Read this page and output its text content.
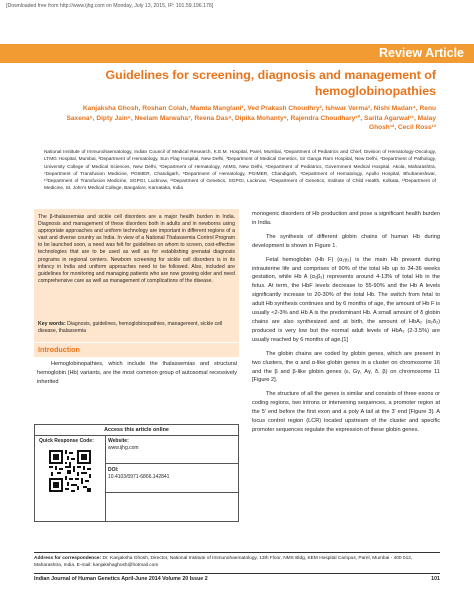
[Downloaded free from http://www.ijhg.com on Monday, July 13, 2015, IP: 101.59.196.176]
Review Article
Guidelines for screening, diagnosis and management of hemoglobinopathies
Kanjaksha Ghosh, Roshan Colah, Mamta Manglani¹, Ved Prakash Choudhry², Ishwar Verma³, Nishi Madan⁴, Renu Saxena⁵, Dipty Jain⁶, Neelam Marwaha⁷, Reena Das⁸, Dipika Mohanty⁹, Rajendra Choudhary¹⁰, Sarita Agarwal¹¹, Malay Ghosh¹², Cecil Ross¹³
National Institute of Immunohaematology, Indian Council of Medical Research, K.E.M. Hospital, Parel, Mumbai, ¹Department of Pediatrics and Chief, Division of Hematology-Oncology, LTMG Hospital, Mumbai, ²Department of Hematology, Sun Flag Hospital, New Delhi, ³Department of Medical Genetics, Sir Ganga Ram Hospital, New Delhi, ⁴Department of Pathology, University College of Medical Sciences, New Delhi, ⁵Department of Hematology, AIIMS, New Delhi, ⁶Department of Pediatrics, Government Medical Hospital, Akola, Maharashtra, ⁷Department of Transfusion Medicine, PGIMER, Chandigarh, ⁸Department of Hematology, PGIMER, Chandigarh, ⁹Department of Hematology, Apollo Hospital, Bhubaneshwar, ¹⁰Department of Transfusion Medicine, SGPGI, Lucknow, ¹¹Department of Genetics, SGPGI, Lucknow, ¹²Department of Genetics, Institute of Child Health, Kolkata, ¹³Department of Medicine, St. John's Medical College, Bangalore, Karnataka, India
The β-thalassemias and sickle cell disorders are a major health burden in India. Diagnosis and management of these disorders both in adults and in newborns using appropriate approaches and uniform technology are important in different regions of a vast and diverse country as India. In view of a National Thalassemia Control Program to be launched soon, a need was felt for guidelines on whom to screen, cost-effective technologies that are to be used as well as for establishing prenatal diagnosis programs in regional centers. Newborn screening for sickle cell disorders is in its infancy in India and uniform approaches need to be followed. Also, included are guidelines for monitoring and managing patients who are now growing older and need comprehensive care as well as management of complications of the disease.
Key words: Diagnosis, guidelines, hemoglobinopathies, management, sickle cell disease, thalassemia
Introduction
Hemoglobinopathies, which include the thalassemias and structural hemoglobin (Hb) variants, are the most common group of autosomal recessively inherited
Access this article online
Quick Response Code:	Website:
www.ijhg.com
DOI:
10.4103/0971-6866.142841

monogenic disorders of Hb production and pose a significant health burden in India.

The synthesis of different globin chains of human Hb during development is shown in Figure 1.

Fetal hemoglobin (Hb F) (α₂γ₂) is the main Hb present during intrauterine life and comprises of 90% of the total Hb up to 34-36 weeks gestation, while Hb A (α₂β₂) represents around 4-13% of total Hb in the fetus. At term, the HbF levels decrease to 55-90% and the Hb A levels significantly increase to 20-30% of the total Hb. The switch from fetal to adult Hb synthesis continues and by 6 months of age, the amount of Hb F is usually <2-3% and Hb A is the predominant Hb. A small amount of δ globin chains are also synthesized and at birth, the amount of HbA₂ (α₂δ₂) produced is very low but the normal adult levels of HbA₂ (2-3.5%) are usually reached by 6 months of age.[1]

The globin chains are coded by globin genes, which are present in two clusters, the α and α-like globin genes in a cluster on chromosome 16 and the β and β-like globin genes (ε, Gγ, Aγ, δ, β) on chromosome 11 [Figure 2].

The structure of all the genes is similar and consists of three exons or coding regions, two introns or intervening sequences, a promoter region at the 5' end before the first exon and a poly A tail at the 3' end [Figure 3]. A locus control region (LCR) located upstream of the cluster and specific promoter sequences regulate the expression of these globin genes.

Address for correspondence: Dr. Kanjaksha Ghosh, Director, National Institute of Immunohaematology, 13th Floor, NMS Bldg, KEM Hospital Campus, Parel, Mumbai - 400 012, Maharashtra, India. E-mail: kanjakshaghosh@hotmail.com
Indian Journal of Human Genetics April-June 2014 Volume 20 Issue 2	101
